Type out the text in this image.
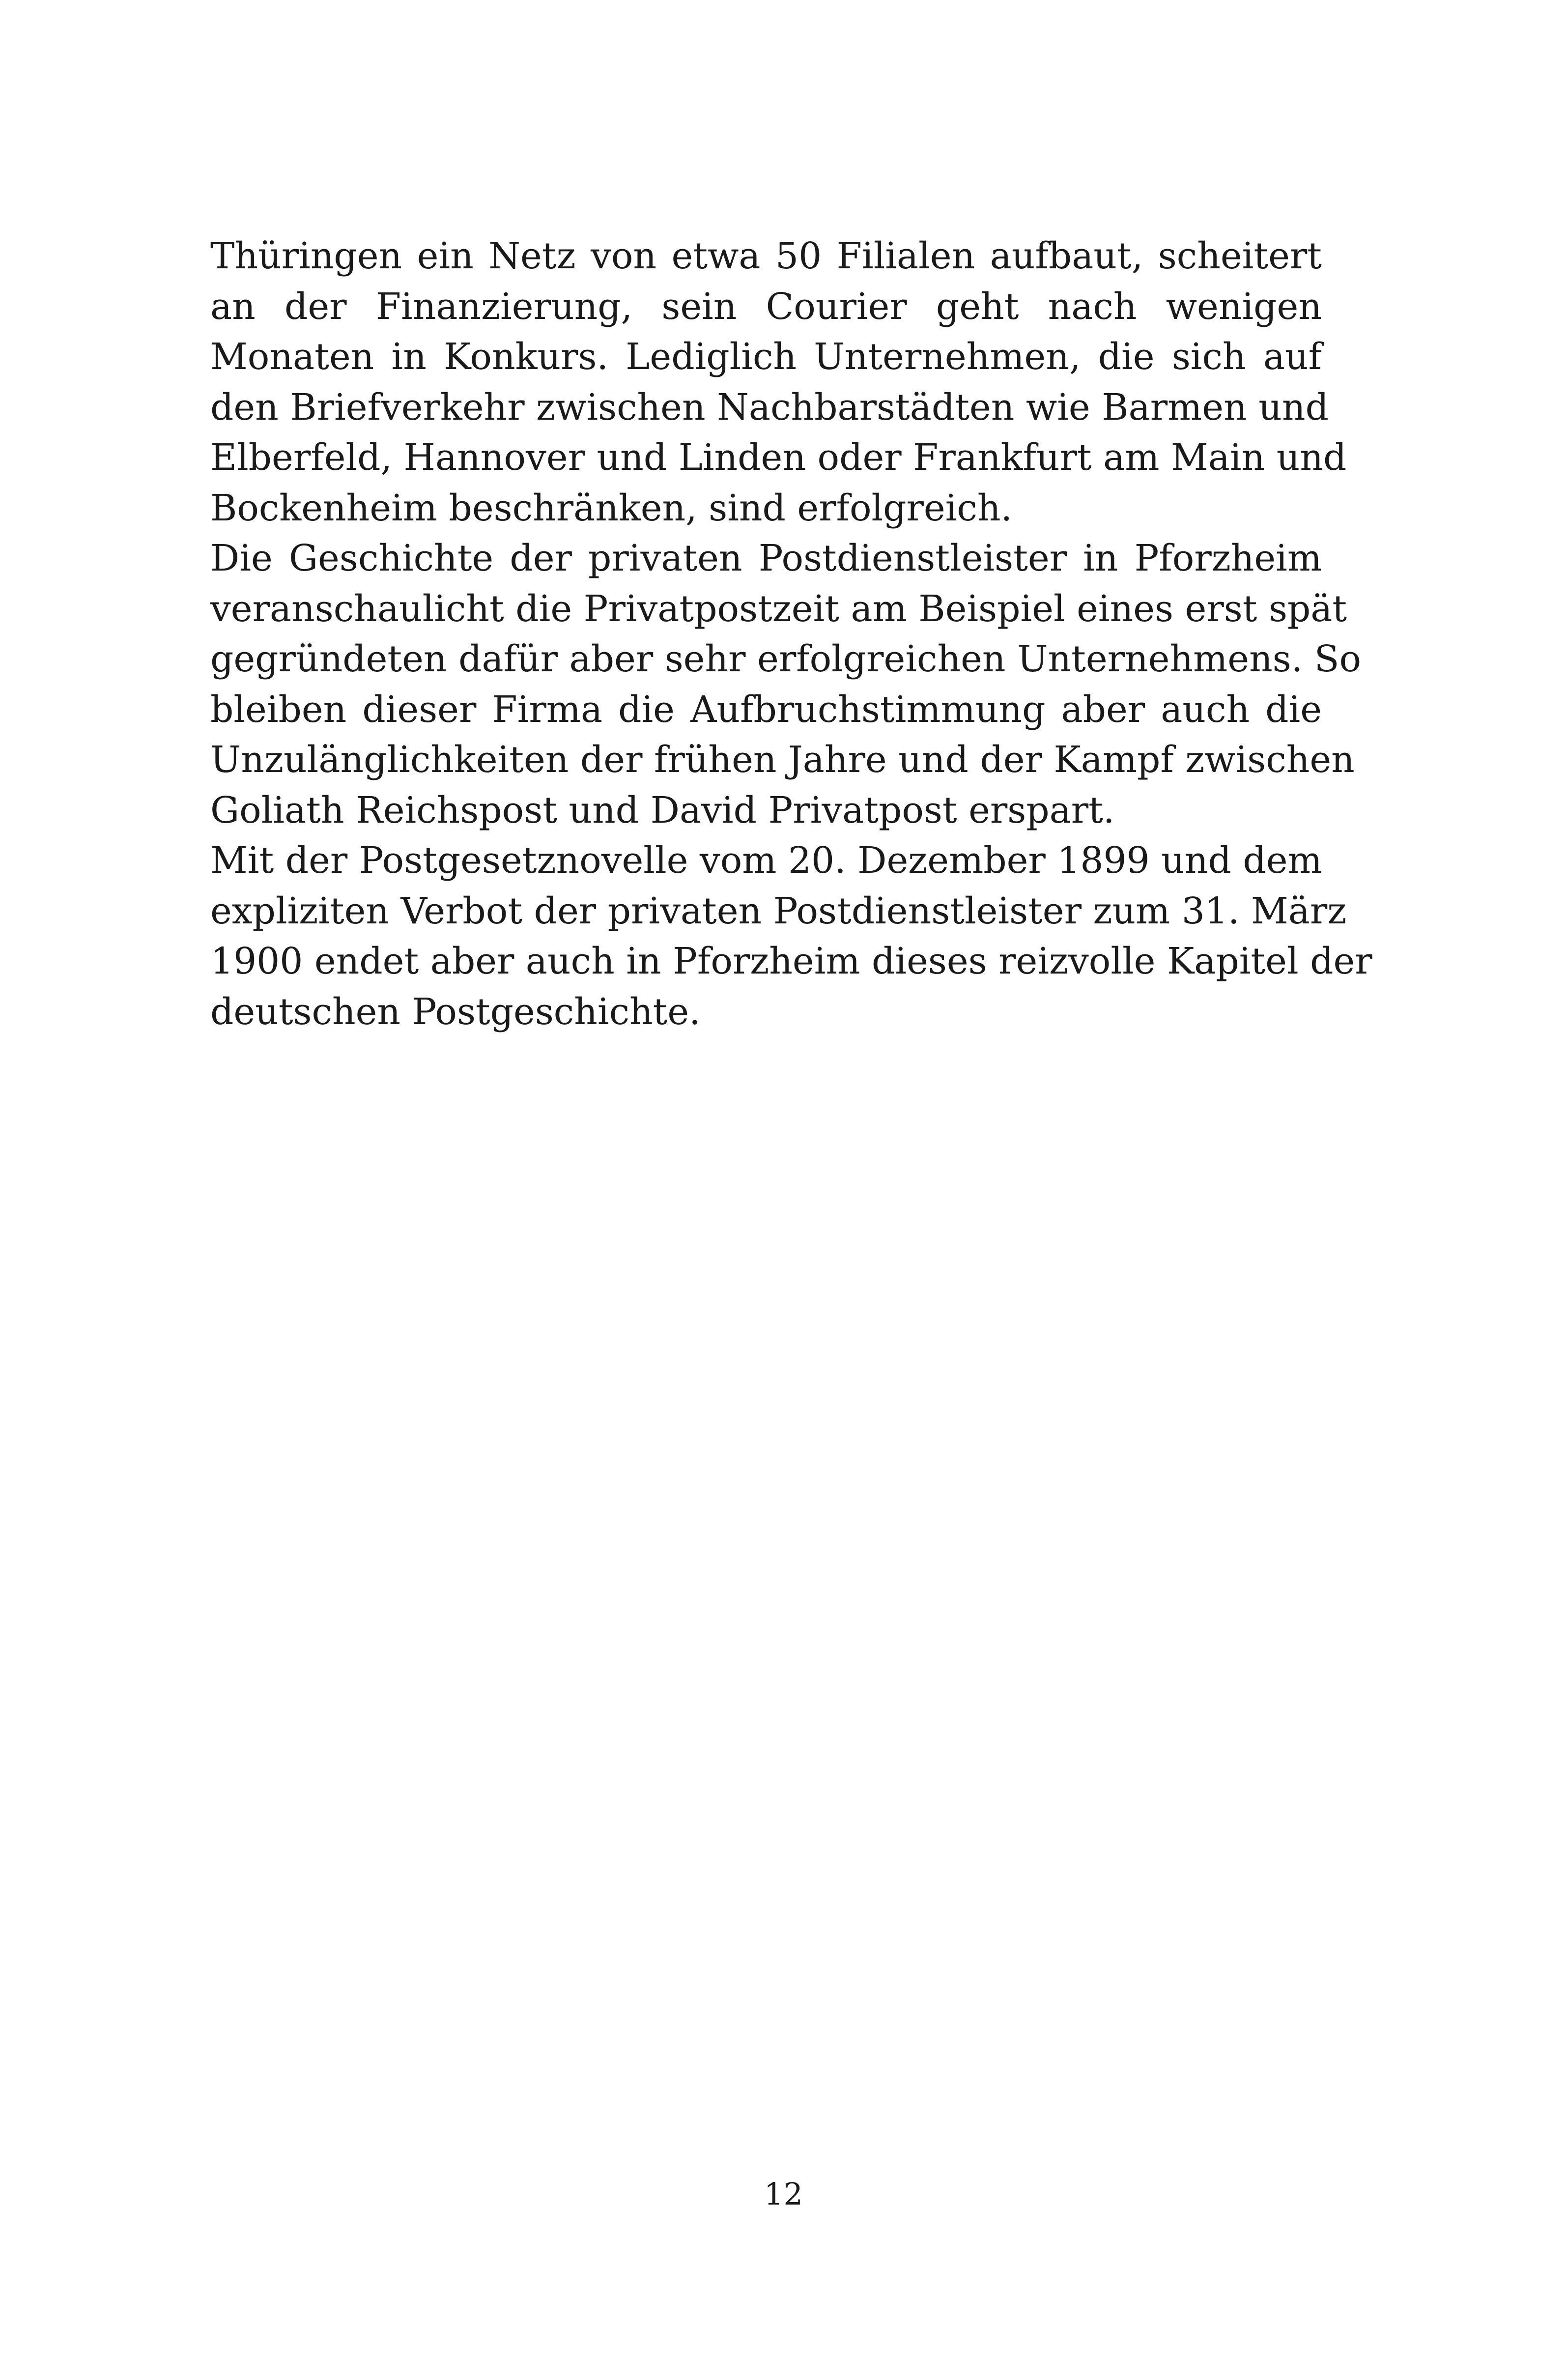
Thüringen ein Netz von etwa 50 Filialen aufbaut, scheitert
an der Finanzierung, sein Courier geht nach wenigen
Monaten in Konkurs. Lediglich Unternehmen, die sich auf
den Briefverkehr zwischen Nachbarstädten wie Barmen und
Elberfeld, Hannover und Linden oder Frankfurt am Main und
Bockenheim beschränken, sind erfolgreich.
Die Geschichte der privaten Postdienstleister in Pforzheim
veranschaulicht die Privatpostzeit am Beispiel eines erst spät
gegründeten dafür aber sehr erfolgreichen Unternehmens. So
bleiben dieser Firma die Aufbruchstimmung aber auch die
Unzulänglichkeiten der frühen Jahre und der Kampf zwischen
Goliath Reichspost und David Privatpost erspart.
Mit der Postgesetznovelle vom 20. Dezember 1899 und dem
expliziten Verbot der privaten Postdienstleister zum 31. März
1900 endet aber auch in Pforzheim dieses reizvolle Kapitel der
deutschen Postgeschichte.
12
